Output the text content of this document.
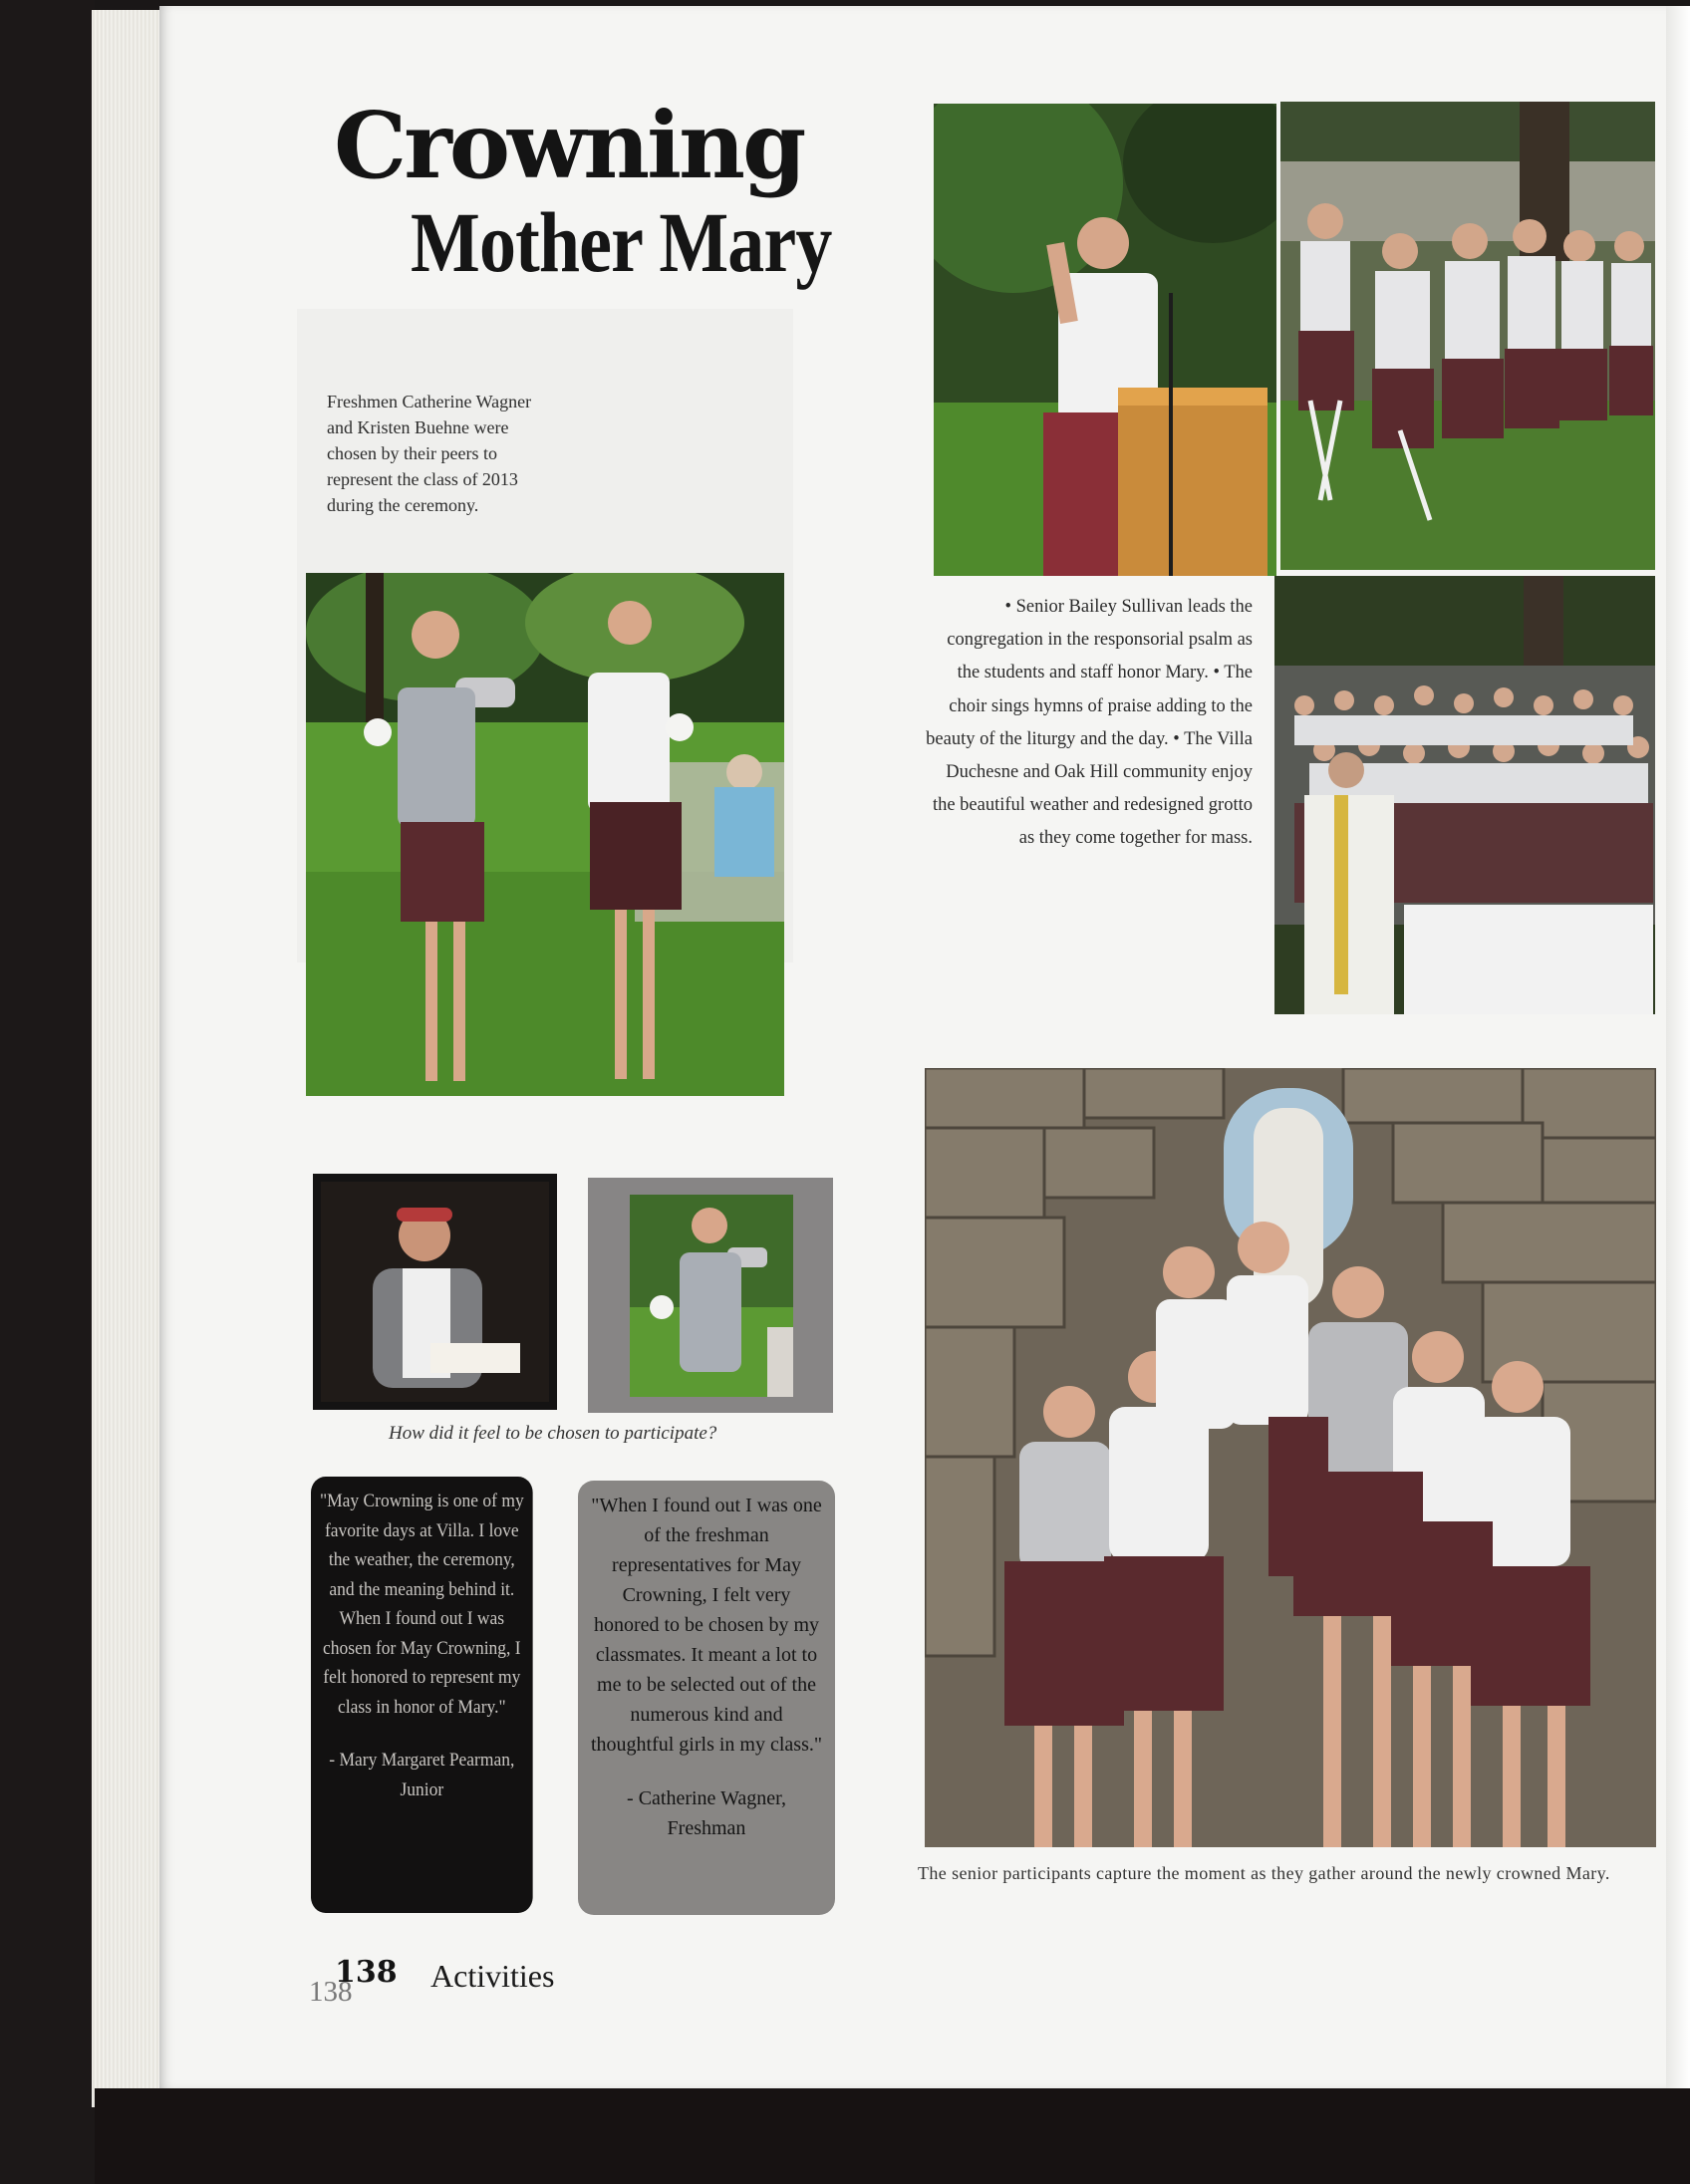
Crowning
Mother Mary

Freshmen Catherine Wagner and Kristen Buehne were chosen by their peers to represent the class of 2013 during the ceremony.

• Senior Bailey Sullivan leads the congregation in the responsorial psalm as the students and staff honor Mary. • The choir sings hymns of praise adding to the beauty of the liturgy and the day. • The Villa Duchesne and Oak Hill community enjoy the beautiful weather and redesigned grotto as they come together for mass.

How did it feel to be chosen to participate?

"May Crowning is one of my favorite days at Villa. I love the weather, the ceremony, and the meaning behind it. When I found out I was chosen for May Crowning, I felt honored to represent my class in honor of Mary."
- Mary Margaret Pearman, Junior
"When I found out I was one of the freshman representatives for May Crowning, I felt very honored to be chosen by my classmates. It meant a lot to me to be selected out of the numerous kind and thoughtful girls in my class."
- Catherine Wagner, Freshman

The senior participants capture the moment as they gather around the newly crowned Mary.

138

138 Activities
